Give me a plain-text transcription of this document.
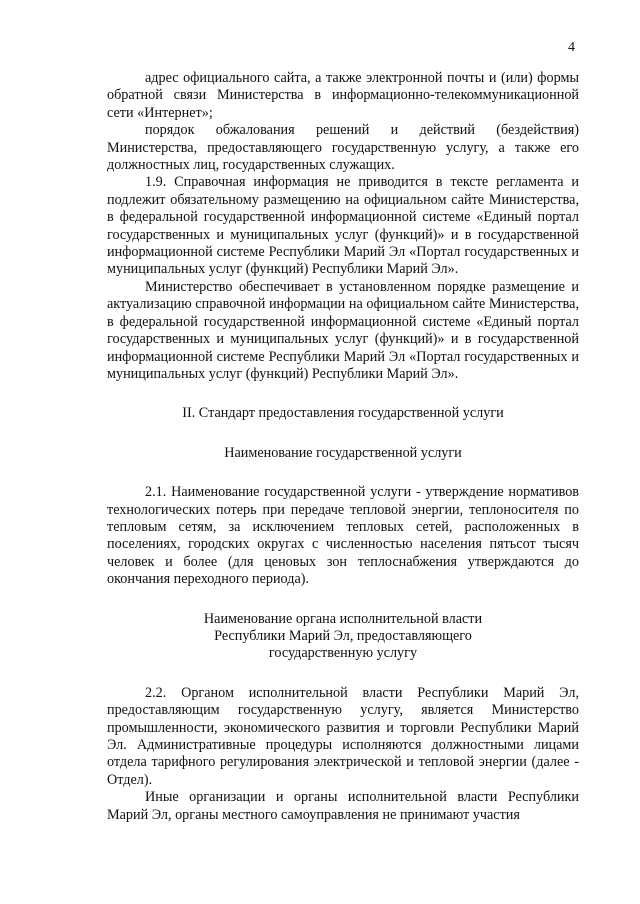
4

адрес официального сайта, а также электронной почты и (или) формы обратной связи Министерства в информационно-телекоммуникационной сети «Интернет»;

порядок обжалования решений и действий (бездействия) Министерства, предоставляющего государственную услугу, а также его должностных лиц, государственных служащих.

1.9. Справочная информация не приводится в тексте регламента и подлежит обязательному размещению на официальном сайте Министерства, в федеральной государственной информационной системе «Единый портал государственных и муниципальных услуг (функций)» и в государственной информационной системе Республики Марий Эл «Портал государственных и муниципальных услуг (функций) Республики Марий Эл».

Министерство обеспечивает в установленном порядке размещение и актуализацию справочной информации на официальном сайте Министерства, в федеральной государственной информационной системе «Единый портал государственных и муниципальных услуг (функций)» и в государственной информационной системе Республики Марий Эл «Портал государственных и муниципальных услуг (функций) Республики Марий Эл».

II. Стандарт предоставления государственной услуги

Наименование государственной услуги

2.1. Наименование государственной услуги - утверждение нормативов технологических потерь при передаче тепловой энергии, теплоносителя по тепловым сетям, за исключением тепловых сетей, расположенных в поселениях, городских округах с численностью населения пятьсот тысяч человек и более (для ценовых зон теплоснабжения утверждаются до окончания переходного периода).

Наименование органа исполнительной власти

Республики Марий Эл, предоставляющего

государственную услугу

2.2. Органом исполнительной власти Республики Марий Эл, предоставляющим государственную услугу, является Министерство промышленности, экономического развития и торговли Республики Марий Эл. Административные процедуры исполняются должностными лицами отдела тарифного регулирования электрической и тепловой энергии (далее - Отдел).

Иные организации и органы исполнительной власти Республики Марий Эл, органы местного самоуправления не принимают участия
